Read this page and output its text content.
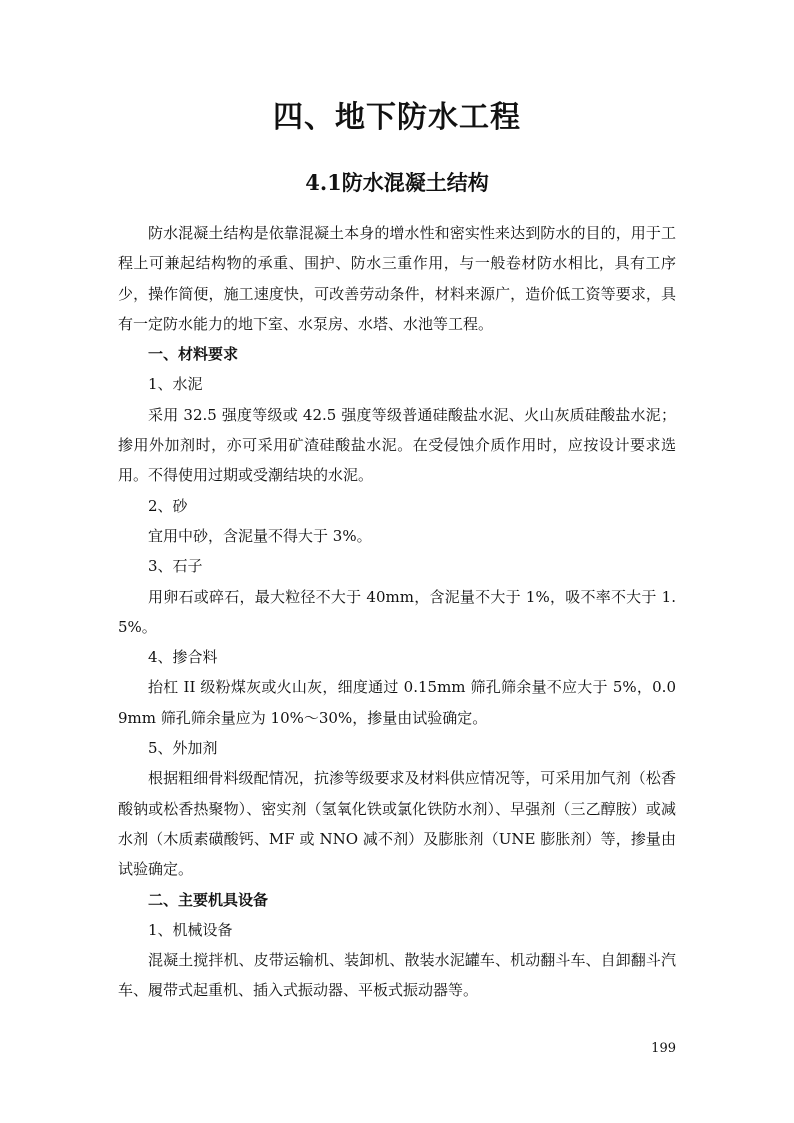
四、地下防水工程
4.1防水混凝土结构

防水混凝土结构是依靠混凝土本身的增水性和密实性来达到防水的目的，用于工程上可兼起结构物的承重、围护、防水三重作用，与一般卷材防水相比，具有工序少，操作简便，施工速度快，可改善劳动条件，材料来源广，造价低工资等要求，具有一定防水能力的地下室、水泵房、水塔、水池等工程。

一、材料要求

1、水泥

采用 32.5 强度等级或 42.5 强度等级普通硅酸盐水泥、火山灰质硅酸盐水泥；掺用外加剂时，亦可采用矿渣硅酸盐水泥。在受侵蚀介质作用时，应按设计要求选用。不得使用过期或受潮结块的水泥。

2、砂

宜用中砂，含泥量不得大于 3%。

3、石子

用卵石或碎石，最大粒径不大于 40mm，含泥量不大于 1%，吸不率不大于 1.5%。

4、掺合料

抬杠 II 级粉煤灰或火山灰，细度通过 0.15mm 筛孔筛余量不应大于 5%，0.09mm 筛孔筛余量应为 10%～30%，掺量由试验确定。

5、外加剂

根据粗细骨料级配情况，抗渗等级要求及材料供应情况等，可采用加气剂（松香酸钠或松香热聚物）、密实剂（氢氧化铁或氯化铁防水剂）、早强剂（三乙醇胺）或减水剂（木质素磺酸钙、MF 或 NNO 减不剂）及膨胀剂（UNE 膨胀剂）等，掺量由试验确定。

二、主要机具设备

1、机械设备

混凝土搅拌机、皮带运输机、装卸机、散装水泥罐车、机动翻斗车、自卸翻斗汽车、履带式起重机、插入式振动器、平板式振动器等。

199
